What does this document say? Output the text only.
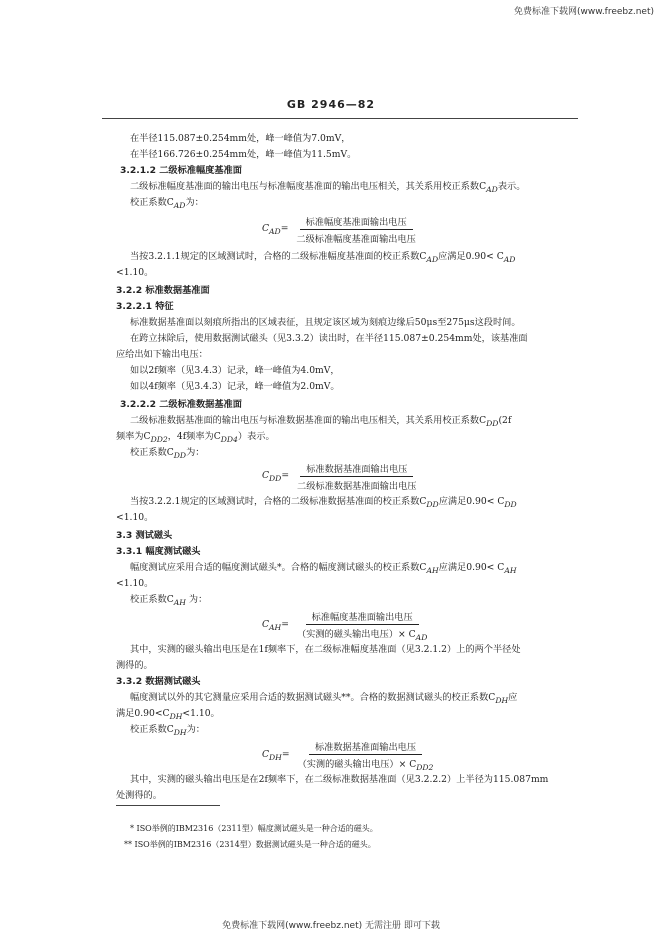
免费标准下载网(www.freebz.net)
GB 2946—82
在半径115.087±0.254mm处，峰一峰值为7.0mV，
在半径166.726±0.254mm处，峰一峰值为11.5mV。
3.2.1.2 二级标准幅度基准面
二级标准幅度基准面的输出电压与标准幅度基准面的输出电压相关，其关系用校正系数$C_{AD}$表示。
校正系数$C_{AD}$为：
$C_{AD}= \frac{\text{标准幅度基准面输出电压}}{\text{二级标准幅度基准面输出电压}}$
当按3.2.1.1规定的区域测试时，合格的二级标准幅度基准面的校正系数$C_{AD}$应满足$0.90< C_{AD}$
<1.10。
3.2.2 标准数据基准面
3.2.2.1 特征
标准数据基准面以刻痕所指出的区域表征，且规定该区域为刻痕边缘后50μs至275μs这段时间。
在跨立抹除后，使用数据测试磁头（见3.3.2）读出时，在半径115.087±0.254mm处，该基准面
应给出如下输出电压：
如以2f频率（见3.4.3）记录，峰一峰值为4.0mV，
如以4f频率（见3.4.3）记录，峰一峰值为2.0mV。
3.2.2.2 二级标准数据基准面
二级标准数据基准面的输出电压与标准数据基准面的输出电压相关，其关系用校正系数$C_{DD}(2f$
频率为$C_{DD2}$，4f频率为$C_{DD4}$）表示。
校正系数$C_{DD}$为：
$C_{DD}= \frac{\text{标准数据基准面输出电压}}{\text{二级标准数据基准面输出电压}}$
当按3.2.2.1规定的区域测试时，合格的二级标准数据基准面的校正系数$C_{DD}$应满足$0.90< C_{DD}$
<1.10。
3.3 测试磁头
3.3.1 幅度测试磁头
幅度测试应采用合适的幅度测试磁头*。合格的幅度测试磁头的校正系数$C_{AH}$应满足$0.90< C_{AH}$
<1.10。
校正系数$C_{AH}$ 为：
$C_{AH}= \frac{\text{标准幅度基准面输出电压}}{(实测的磁头输出电压)\times C_{AD}}$
其中，实测的磁头输出电压是在1f频率下，在二级标准幅度基准面（见3.2.1.2）上的两个半径处
测得的。
3.3.2 数据测试磁头
幅度测试以外的其它测量应采用合适的数据测试磁头**。合格的数据测试磁头的校正系数$C_{DH}$应
满足$0.90<C_{DH}<1.10$。
校正系数$C_{DH}$为：
$C_{DH}= \frac{\text{标准数据基准面输出电压}}{(实测的磁头输出电压)\times C_{DD2}}$
其中，实测的磁头输出电压是在2f频率下，在二级标准数据基准面（见3.2.2.2）上半径为115.087mm
处测得的。
* ISO举例的IBM2316（2311型）幅度测试磁头是一种合适的磁头。
** ISO举例的IBM2316（2314型）数据测试磁头是一种合适的磁头。
免费标准下载网(www.freebz.net) 无需注册 即可下载
